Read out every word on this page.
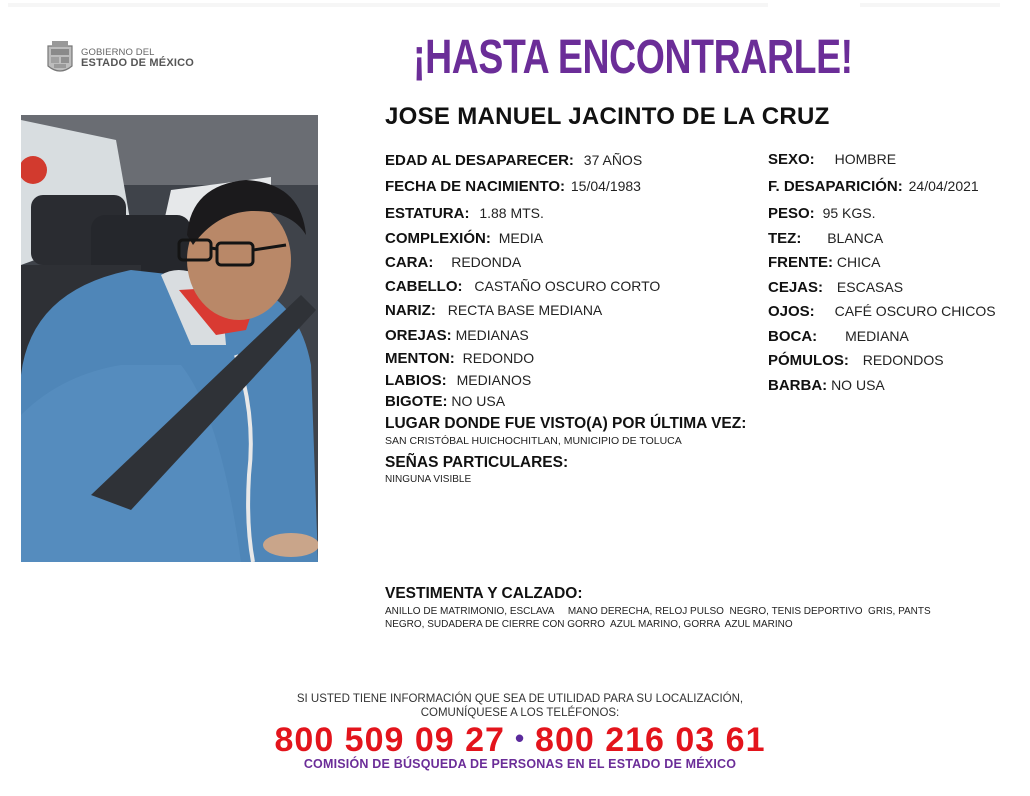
GOBIERNO DEL
ESTADO DE MÉXICO	¡HASTA ENCONTRARLE!
JOSE MANUEL JACINTO DE LA CRUZ
EDAD AL DESAPARECER: 37 AÑOS
FECHA DE NACIMIENTO: 15/04/1983
ESTATURA: 1.88 MTS.
COMPLEXIÓN: MEDIA
CARA: REDONDA
CABELLO: CASTAÑO OSCURO CORTO
NARIZ: RECTA BASE MEDIANA
OREJAS: MEDIANAS
MENTON: REDONDO
LABIOS: MEDIANOS
BIGOTE: NO USA
SEXO: HOMBRE
F. DESAPARICIÓN: 24/04/2021
PESO: 95 KGS.
TEZ: BLANCA
FRENTE: CHICA
CEJAS: ESCASAS
OJOS: CAFÉ OSCURO CHICOS
BOCA: MEDIANA
PÓMULOS: REDONDOS
BARBA: NO USA
LUGAR DONDE FUE VISTO(A) POR ÚLTIMA VEZ:
SAN CRISTÓBAL HUICHOCHITLAN, MUNICIPIO DE TOLUCA
SEÑAS PARTICULARES:
NINGUNA VISIBLE
VESTIMENTA Y CALZADO:
ANILLO DE MATRIMONIO, ESCLAVA     MANO DERECHA, RELOJ PULSO  NEGRO, TENIS DEPORTIVO  GRIS, PANTS
NEGRO, SUDADERA DE CIERRE CON GORRO  AZUL MARINO, GORRA  AZUL MARINO
SI USTED TIENE INFORMACIÓN QUE SEA DE UTILIDAD PARA SU LOCALIZACIÓN,
COMUNÍQUESE A LOS TELÉFONOS:
800 509 09 27 • 800 216 03 61
COMISIÓN DE BÚSQUEDA DE PERSONAS EN EL ESTADO DE MÉXICO
